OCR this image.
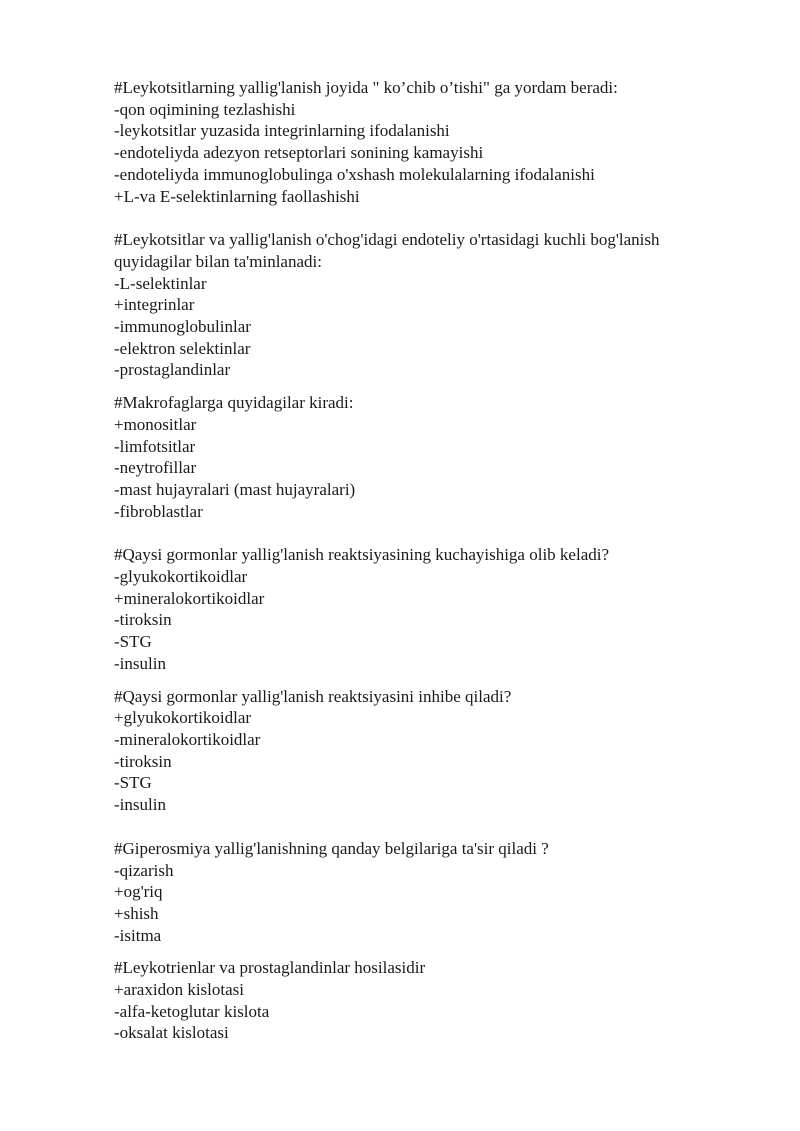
#Leykotsitlarning yallig'lanish joyida " ko’chib o’tishi" ga yordam beradi:
-qon oqimining tezlashishi
-leykotsitlar yuzasida integrinlarning ifodalanishi
-endoteliyda adezyon retseptorlari sonining kamayishi
-endoteliyda immunoglobulinga o'xshash molekulalarning ifodalanishi
+L-va E-selektinlarning faollashishi
#Leykotsitlar va yallig'lanish o'chog'idagi endoteliy o'rtasidagi kuchli bog'lanish quyidagilar bilan ta'minlanadi:
-L-selektinlar
+integrinlar
-immunoglobulinlar
-elektron selektinlar
-prostaglandinlar
#Makrofaglarga quyidagilar kiradi:
+monositlar
-limfotsitlar
-neytrofillar
-mast hujayralari (mast hujayralari)
-fibroblastlar
#Qaysi gormonlar yallig'lanish reaktsiyasining kuchayishiga olib keladi?
-glyukokortikoidlar
+mineralokortikoidlar
-tiroksin
-STG
-insulin
#Qaysi gormonlar yallig'lanish reaktsiyasini inhibe qiladi?
+glyukokortikoidlar
-mineralokortikoidlar
-tiroksin
-STG
-insulin
#Giperosmiya yallig'lanishning qanday belgilariga ta'sir qiladi ?
-qizarish
+og'riq
+shish
-isitma
#Leykotrienlar va prostaglandinlar hosilasidir
+araxidon kislotasi
-alfa-ketoglutar kislota
-oksalat kislotasi
